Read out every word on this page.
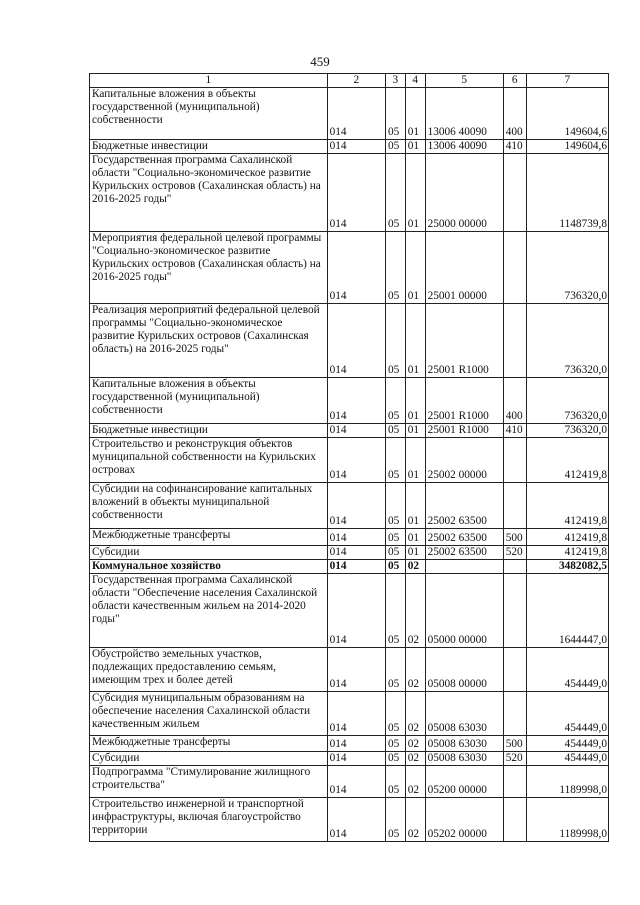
459
1	2	3	4	5	6	7
Капитальные вложения в объекты государственной (муниципальной) собственности	014	05	01	13006 40090	400	149604,6
Бюджетные инвестиции	014	05	01	13006 40090	410	149604,6
Государственная программа Сахалинской области "Социально-экономическое развитие Курильских островов (Сахалинская область) на 2016-2025 годы"	014	05	01	25000 00000		1148739,8
Мероприятия федеральной целевой программы "Социально-экономическое развитие Курильских островов (Сахалинская область) на 2016-2025 годы"	014	05	01	25001 00000		736320,0
Реализация мероприятий федеральной целевой программы "Социально-экономическое развитие Курильских островов (Сахалинская область) на 2016-2025 годы"	014	05	01	25001 R1000		736320,0
Капитальные вложения в объекты государственной (муниципальной) собственности	014	05	01	25001 R1000	400	736320,0
Бюджетные инвестиции	014	05	01	25001 R1000	410	736320,0
Строительство и реконструкция объектов муниципальной собственности на Курильских островах	014	05	01	25002 00000		412419,8
Субсидии на софинансирование капитальных вложений в объекты муниципальной собственности	014	05	01	25002 63500		412419,8
Межбюджетные трансферты	014	05	01	25002 63500	500	412419,8
Субсидии	014	05	01	25002 63500	520	412419,8
Коммунальное хозяйство	014	05	02			3482082,5
Государственная программа Сахалинской области "Обеспечение населения Сахалинской области качественным жильем на 2014-2020 годы"	014	05	02	05000 00000		1644447,0
Обустройство земельных участков, подлежащих предоставлению семьям, имеющим трех и более детей	014	05	02	05008 00000		454449,0
Субсидия муниципальным образованиям на обеспечение населения Сахалинской области качественным жильем	014	05	02	05008 63030		454449,0
Межбюджетные трансферты	014	05	02	05008 63030	500	454449,0
Субсидии	014	05	02	05008 63030	520	454449,0
Подпрограмма "Стимулирование жилищного строительства"	014	05	02	05200 00000		1189998,0
Строительство инженерной и транспортной инфраструктуры, включая благоустройство территории	014	05	02	05202 00000		1189998,0
